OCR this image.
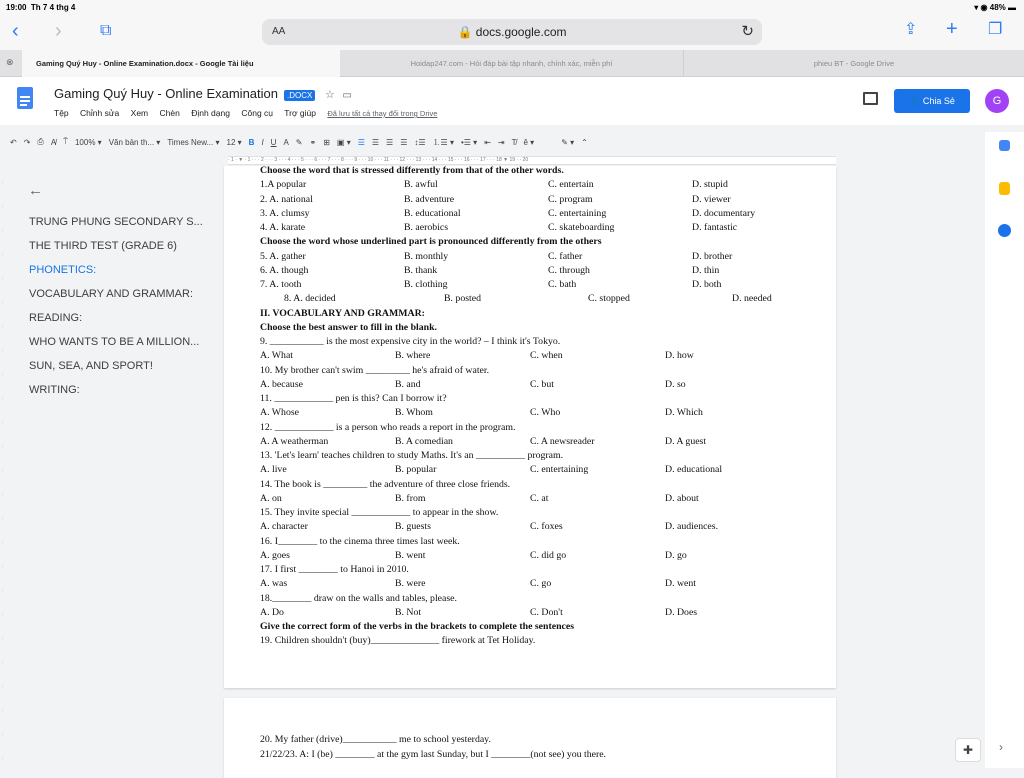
19:00 Th 7 4 thg 4	▾ ◉ 48% ▬
‹ › ⧉	AA	🔒 docs.google.com	↻	⇪ + ❐
⊗	Gaming Quý Huy - Online Examination.docx - Google Tài liệu	Hoidap247.com - Hỏi đáp bài tập nhanh, chính xác, miễn phí	phieu BT - Google Drive
Gaming Quý Huy - Online Examination .DOCX ☆ ▭
Tệp Chỉnh sửa Xem Chèn Định dạng Công cụ Trợ giúp Đã lưu tất cả thay đổi trong Drive
👤 Chia Sẻ	G
↶ ↷ ⎙ A̸ ⍑ 100% ▾ Văn bản th... ▾ Times New... ▾ 12 ▾ B I U A ✎ ⚭ ⊞ ▣ ▾ ☰ ☰ ☰ ☰ ↕☰ ⒈☰ ▾ •☰ ▾ ⇤ ⇥ T̸ ê ▾	✎ ▾ ⌃
· 1 · ▼ · 1 · · · 2 · · · 3 · · · 4 · · · 5 · · · 6 · · · 7 · · · 8 · · · 9 · · · 10 · · · 11 · · · 12 · · · 13 · · · 14 · · · 15 · · · 16 · · · 17 · · · 18 ▼ 19 · · 20
·
·
·
·
·
·
·
·
·
·
·
·
·
·
·
·
·
·
·
·
·
·
·
·
·
←
TRUNG PHUNG SECONDARY S...
THE THIRD TEST (GRADE 6)
PHONETICS:
VOCABULARY AND GRAMMAR:
READING:
WHO WANTS TO BE A MILLION...
SUN, SEA, AND SPORT!
WRITING:
Choose the word that is stressed differently from that of the other words.
1.A popular	B. awful	C. entertain	D. stupid
2. A. national	B. adventure	C. program	D. viewer
3. A. clumsy	B. educational	C. entertaining	D. documentary
4. A. karate	B. aerobics	C. skateboarding	D. fantastic
Choose the word whose underlined part is pronounced differently from the others
5. A. gather	B. monthly	C. father	D. brother
6. A. though	B. thank	C. through	D. thin
7. A. tooth	B. clothing	C. bath	D. both
8. A. decided	B. posted	C. stopped	D. needed
II. VOCABULARY AND GRAMMAR:
Choose the best answer to fill in the blank.
9. ___________ is the most expensive city in the world? – I think it's Tokyo.
A. What	B. where	C. when	D. how
10. My brother can't swim _________ he's afraid of water.
A. because	B. and	C. but	D. so
11. ____________ pen is this? Can I borrow it?
A. Whose	B. Whom	C. Who	D. Which
12. ____________ is a person who reads a report in the program.
A. A weatherman	B. A comedian	C. A newsreader	D. A guest
13. 'Let's learn' teaches children to study Maths. It's an __________ program.
A. live	B. popular	C. entertaining	D. educational
14. The book is _________ the adventure of three close friends.
A. on	B. from	C. at	D. about
15. They invite special ____________ to appear in the show.
A. character	B. guests	C. foxes	D. audiences.
16. I________ to the cinema three times last week.
A. goes	B. went	C. did go	D. go
17. I first ________ to Hanoi in 2010.
A. was	B. were	C. go	D. went
18.________ draw on the walls and tables, please.
A. Do	B. Not	C. Don't	D. Does
Give the correct form of the verbs in the brackets to complete the sentences
19. Children shouldn't (buy)______________ firework at Tet Holiday.
20. My father (drive)___________ me to school yesterday.
21/22/23. A: I (be) ________ at the gym last Sunday, but I ________(not see) you there.	›
✚
